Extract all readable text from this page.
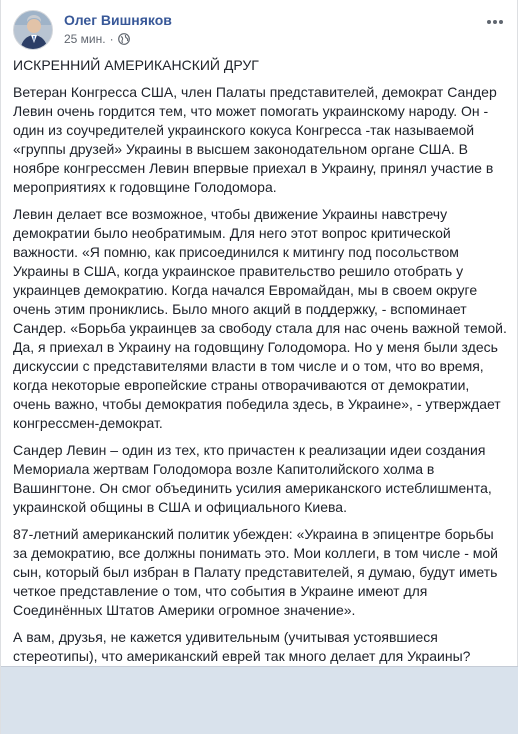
Олег Вишняков
25 мин. ·

ИСКРЕННИЙ АМЕРИКАНСКИЙ ДРУГ

Ветеран Конгресса США, член Палаты представителей, демократ Сандер Левин очень гордится тем, что может помогать украинскому народу. Он - один из соучредителей украинского кокуса Конгресса -так называемой «группы друзей» Украины в высшем законодательном органе США. В ноябре конгрессмен Левин впервые приехал в Украину, принял участие в мероприятиях к годовщине Голодомора.

Левин делает все возможное, чтобы движение Украины навстречу демократии было необратимым. Для него этот вопрос критической важности. «Я помню, как присоединился к митингу под посольством Украины в США, когда украинское правительство решило отобрать у украинцев демократию. Когда начался Евромайдан, мы в своем округе очень этим прониклись. Было много акций в поддержку, - вспоминает Сандер. «Борьба украинцев за свободу стала для нас очень важной темой. Да, я приехал в Украину на годовщину Голодомора. Но у меня были здесь дискуссии с представителями власти в том числе и о том, что во время, когда некоторые европейские страны отворачиваются от демократии, очень важно, чтобы демократия победила здесь, в Украине», - утверждает конгрессмен-демократ.

Сандер Левин – один из тех, кто причастен к реализации идеи создания Мемориала жертвам Голодомора возле Капитолийского холма в Вашингтоне. Он смог объединить усилия американского истеблишмента, украинской общины в США и официального Киева.

87-летний американский политик убежден: «Украина в эпицентре борьбы за демократию, все должны понимать это. Мои коллеги, в том числе - мой сын, который был избран в Палату представителей, я думаю, будут иметь четкое представление о том, что события в Украине имеют для Соединённых Штатов Америки огромное значение».

А вам, друзья, не кажется удивительным (учитывая устоявшиеся стереотипы), что американский еврей так много делает для Украины?
